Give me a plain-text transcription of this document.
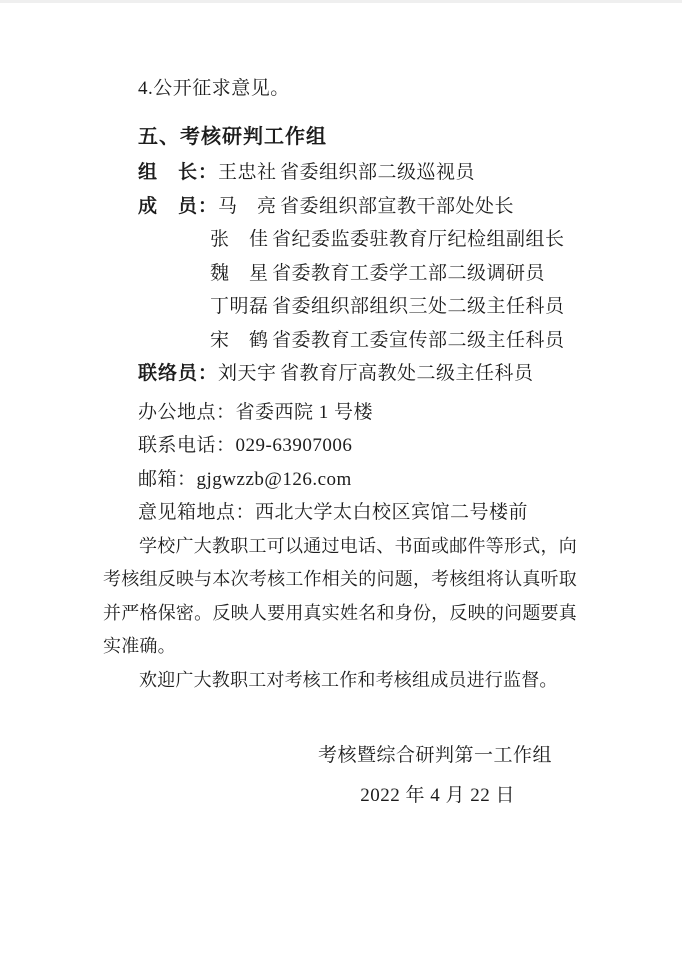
4.公开征求意见。

五、考核研判工作组

组　长： 王忠社 省委组织部二级巡视员
成　员： 马　亮 省委组织部宣教干部处处长
张　佳 省纪委监委驻教育厅纪检组副组长
魏　星 省委教育工委学工部二级调研员
丁明磊 省委组织部组织三处二级主任科员
宋　鹤 省委教育工委宣传部二级主任科员
联络员： 刘天宇 省教育厅高教处二级主任科员

办公地点：省委西院 1 号楼

联系电话：029-63907006

邮箱：gjgwzzb@126.com

意见箱地点：西北大学太白校区宾馆二号楼前

学校广大教职工可以通过电话、书面或邮件等形式，向考核组反映与本次考核工作相关的问题，考核组将认真听取并严格保密。反映人要用真实姓名和身份，反映的问题要真实准确。

欢迎广大教职工对考核工作和考核组成员进行监督。

考核暨综合研判第一工作组

2022 年 4 月 22 日
